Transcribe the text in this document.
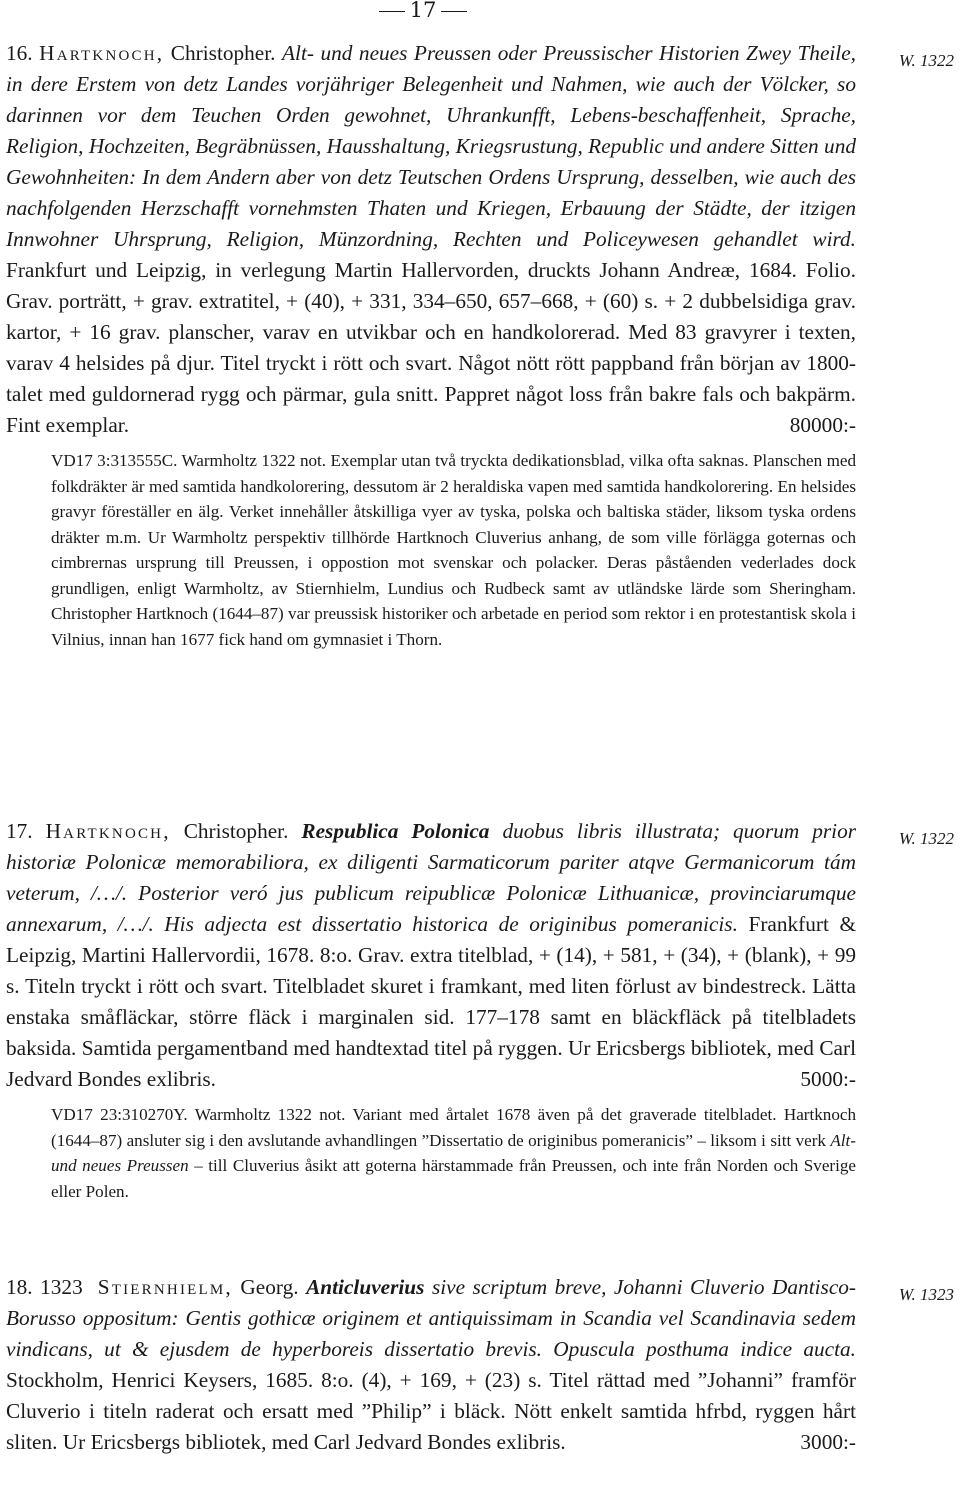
17

16. Hartknoch, Christopher. Alt- und neues Preussen oder Preussischer Historien Zwey Theile, in dere Erstem von detz Landes vorjähriger Belegenheit und Nahmen, wie auch der Völcker, so darinnen vor dem Teuchen Orden gewohnet, Uhrankunfft, Lebens-beschaffenheit, Sprache, Religion, Hochzeiten, Begräbnüssen, Hausshaltung, Kriegsrustung, Republic und andere Sitten und Gewohnheiten: In dem Andern aber von detz Teutschen Ordens Ursprung, desselben, wie auch des nachfolgenden Herzschafft vornehmsten Thaten und Kriegen, Erbauung der Städte, der itzigen Innwohner Uhrsprung, Religion, Münzordning, Rechten und Policeywesen gehandlet wird. Frankfurt und Leipzig, in verlegung Martin Hallervorden, druckts Johann Andreæ, 1684. Folio. Grav. porträtt, + grav. extratitel, + (40), + 331, 334–650, 657–668, + (60) s. + 2 dubbelsidiga grav. kartor, + 16 grav. planscher, varav en utvikbar och en handkolorerad. Med 83 gravyrer i texten, varav 4 helsides på djur. Titel tryckt i rött och svart. Något nött rött pappband från början av 1800-talet med guldornerad rygg och pärmar, gula snitt. Pappret något loss från bakre fals och bakpärm. Fint exemplar.	80000:-

VD17 3:313555C. Warmholtz 1322 not. Exemplar utan två tryckta dedikationsblad, vilka ofta saknas. Planschen med folkdräkter är med samtida handkolorering, dessutom är 2 heraldiska vapen med samtida handkolorering. En helsides gravyr föreställer en älg. Verket innehåller åtskilliga vyer av tyska, polska och baltiska städer, liksom tyska ordens dräkter m.m. Ur Warmholtz perspektiv tillhörde Hartknoch Cluverius anhang, de som ville förlägga goternas och cimbrernas ursprung till Preussen, i oppostion mot svenskar och polacker. Deras påståenden vederlades dock grundligen, enligt Warmholtz, av Stiernhielm, Lundius och Rudbeck samt av utländske lärde som Sheringham. Christopher Hartknoch (1644–87) var preussisk historiker och arbetade en period som rektor i en protestantisk skola i Vilnius, innan han 1677 fick hand om gymnasiet i Thorn.

W. 1322

17. Hartknoch, Christopher. Respublica Polonica duobus libris illustrata; quorum prior historiæ Polonicæ memorabiliora, ex diligenti Sarmaticorum pariter atqve Germanicorum tám veterum, /…/. Posterior veró jus publicum reipublicæ Polonicæ Lithuanicæ, provinciarumque annexarum, /…/. His adjecta est dissertatio historica de originibus pomeranicis. Frankfurt & Leipzig, Martini Hallervordii, 1678. 8:o. Grav. extra titelblad, + (14), + 581, + (34), + (blank), + 99 s. Titeln tryckt i rött och svart. Titelbladet skuret i framkant, med liten förlust av bindestreck. Lätta enstaka småfläckar, större fläck i marginalen sid. 177–178 samt en bläckfläck på titelbladets baksida. Samtida pergamentband med handtextad titel på ryggen. Ur Ericsbergs bibliotek, med Carl Jedvard Bondes exlibris.	5000:-

VD17 23:310270Y. Warmholtz 1322 not. Variant med årtalet 1678 även på det graverade titelbladet. Hartknoch (1644–87) ansluter sig i den avslutande avhandlingen ”Dissertatio de originibus pomeranicis” – liksom i sitt verk Alt- und neues Preussen – till Cluverius åsikt att goterna härstammade från Preussen, och inte från Norden och Sverige eller Polen.

W. 1322

18. 1323 Stiernhielm, Georg. Anticluverius sive scriptum breve, Johanni Cluverio Dantisco-Borusso oppositum: Gentis gothicæ originem et antiquissimam in Scandia vel Scandinavia sedem vindicans, ut & ejusdem de hyperboreis dissertatio brevis. Opuscula posthuma indice aucta. Stockholm, Henrici Keysers, 1685. 8:o. (4), + 169, + (23) s. Titel rättad med ”Johanni” framför Cluverio i titeln raderat och ersatt med ”Philip” i bläck. Nött enkelt samtida hfrbd, ryggen hårt sliten. Ur Ericsbergs bibliotek, med Carl Jedvard Bondes exlibris.	3000:-

W. 1323
